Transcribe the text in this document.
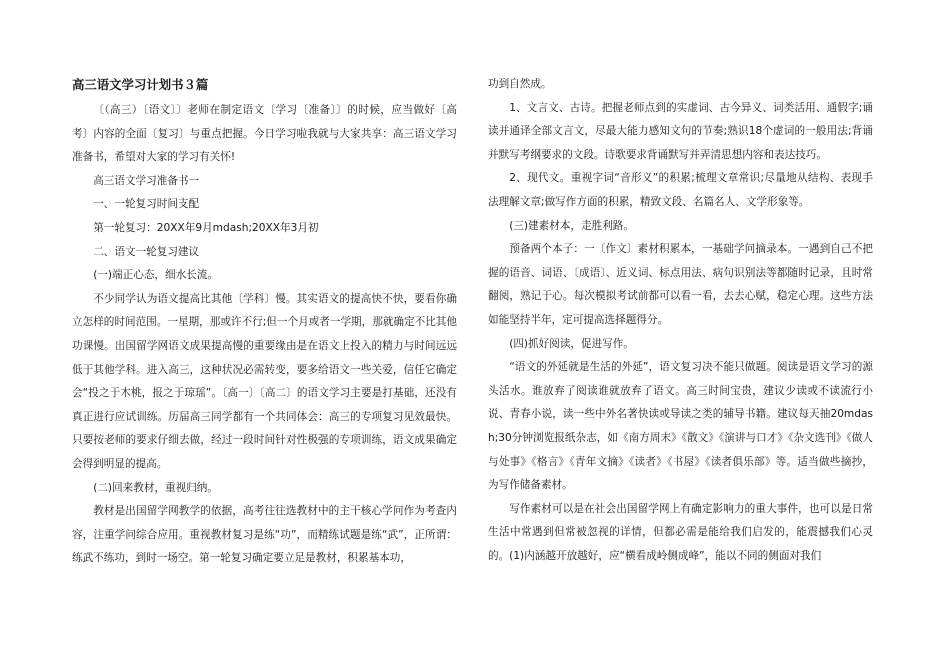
高三语文学习计划书３篇

〔（高三）〔语文〕〕老师在制定语文〔学习〔准备〕〕的时候，应当做好〔高考〕内容的全面〔复习〕与重点把握。今日学习啦我就与大家共享：高三语文学习准备书，希望对大家的学习有关怀!

高三语文学习准备书一

一、一轮复习时间支配

第一轮复习：20XX年9月mdash;20XX年3月初

二、语文一轮复习建议

(一)端正心态，细水长流。

不少同学认为语文提高比其他〔学科〕慢。其实语文的提高快不快，要看你确立怎样的时间范围。一星期，那或许不行;但一个月或者一学期，那就确定不比其他功课慢。出国留学网语文成果提高慢的重要缘由是在语文上投入的精力与时间远远低于其他学科。进入高三，这种状况必需转变，要多给语文一些关爱，信任它确定会“投之于木桃，报之于琼瑶”。〔高一〕〔高二〕的语文学习主要是打基础，还没有真正进行应试训练。历届高三同学都有一个共同体会：高三的专项复习见效最快。只要按老师的要求仔细去做，经过一段时间针对性极强的专项训练，语文成果确定会得到明显的提高。

(二)回来教材，重视归纳。

教材是出国留学网教学的依据，高考往往选教材中的主干核心学问作为考查内容，注重学问综合应用。重视教材复习是练“功”，而精练试题是练“武”，正所谓：练武不练功，到时一场空。第一轮复习确定要立足是教材，积累基本功，

功到自然成。

1、文言文、古诗。把握老师点到的实虚词、古今异义、词类活用、通假字;诵读并通译全部文言文，尽最大能力感知文句的节奏;熟识18个虚词的一般用法;背诵并默写考纲要求的文段。诗歌要求背诵默写并弄清思想内容和表达技巧。

2、现代文。重视字词“音形义”的积累;梳理文章常识;尽量地从结构、表现手法理解文章;做写作方面的积累，精致文段、名篇名人、文学形象等。

(三)建素材本，走胜利路。

预备两个本子：一〔作文〕素材积累本，一基础学问摘录本。一遇到自己不把握的语音、词语、〔成语〕、近义词、标点用法、病句识别法等都随时记录，且时常翻阅，熟记于心。每次模拟考试前都可以看一看，去去心赋，稳定心理。这些方法如能坚持半年，定可提高选择题得分。

(四)抓好阅读，促进写作。

“语文的外延就是生活的外延”，语文复习决不能只做题。阅读是语文学习的源头活水。谁放弃了阅读谁就放弃了语文。高三时间宝贵，建议少读或不读流行小说、青春小说，读一些中外名著快读或导读之类的辅导书籍。建议每天抽20mdash;30分钟浏览报纸杂志，如《南方周末》《散文》《演讲与口才》《杂文选刊》《做人与处事》《格言》《青年文摘》《读者》《书屋》《读者俱乐部》等。适当做些摘抄，为写作储备素材。

写作素材可以是在社会出国留学网上有确定影响力的重大事件，也可以是日常生活中常遇到但常被忽视的详情，但都必需是能给我们启发的，能震撼我们心灵的。(1)内涵越开放越好，应“横看成岭侧成峰”，能以不同的侧面对我们
